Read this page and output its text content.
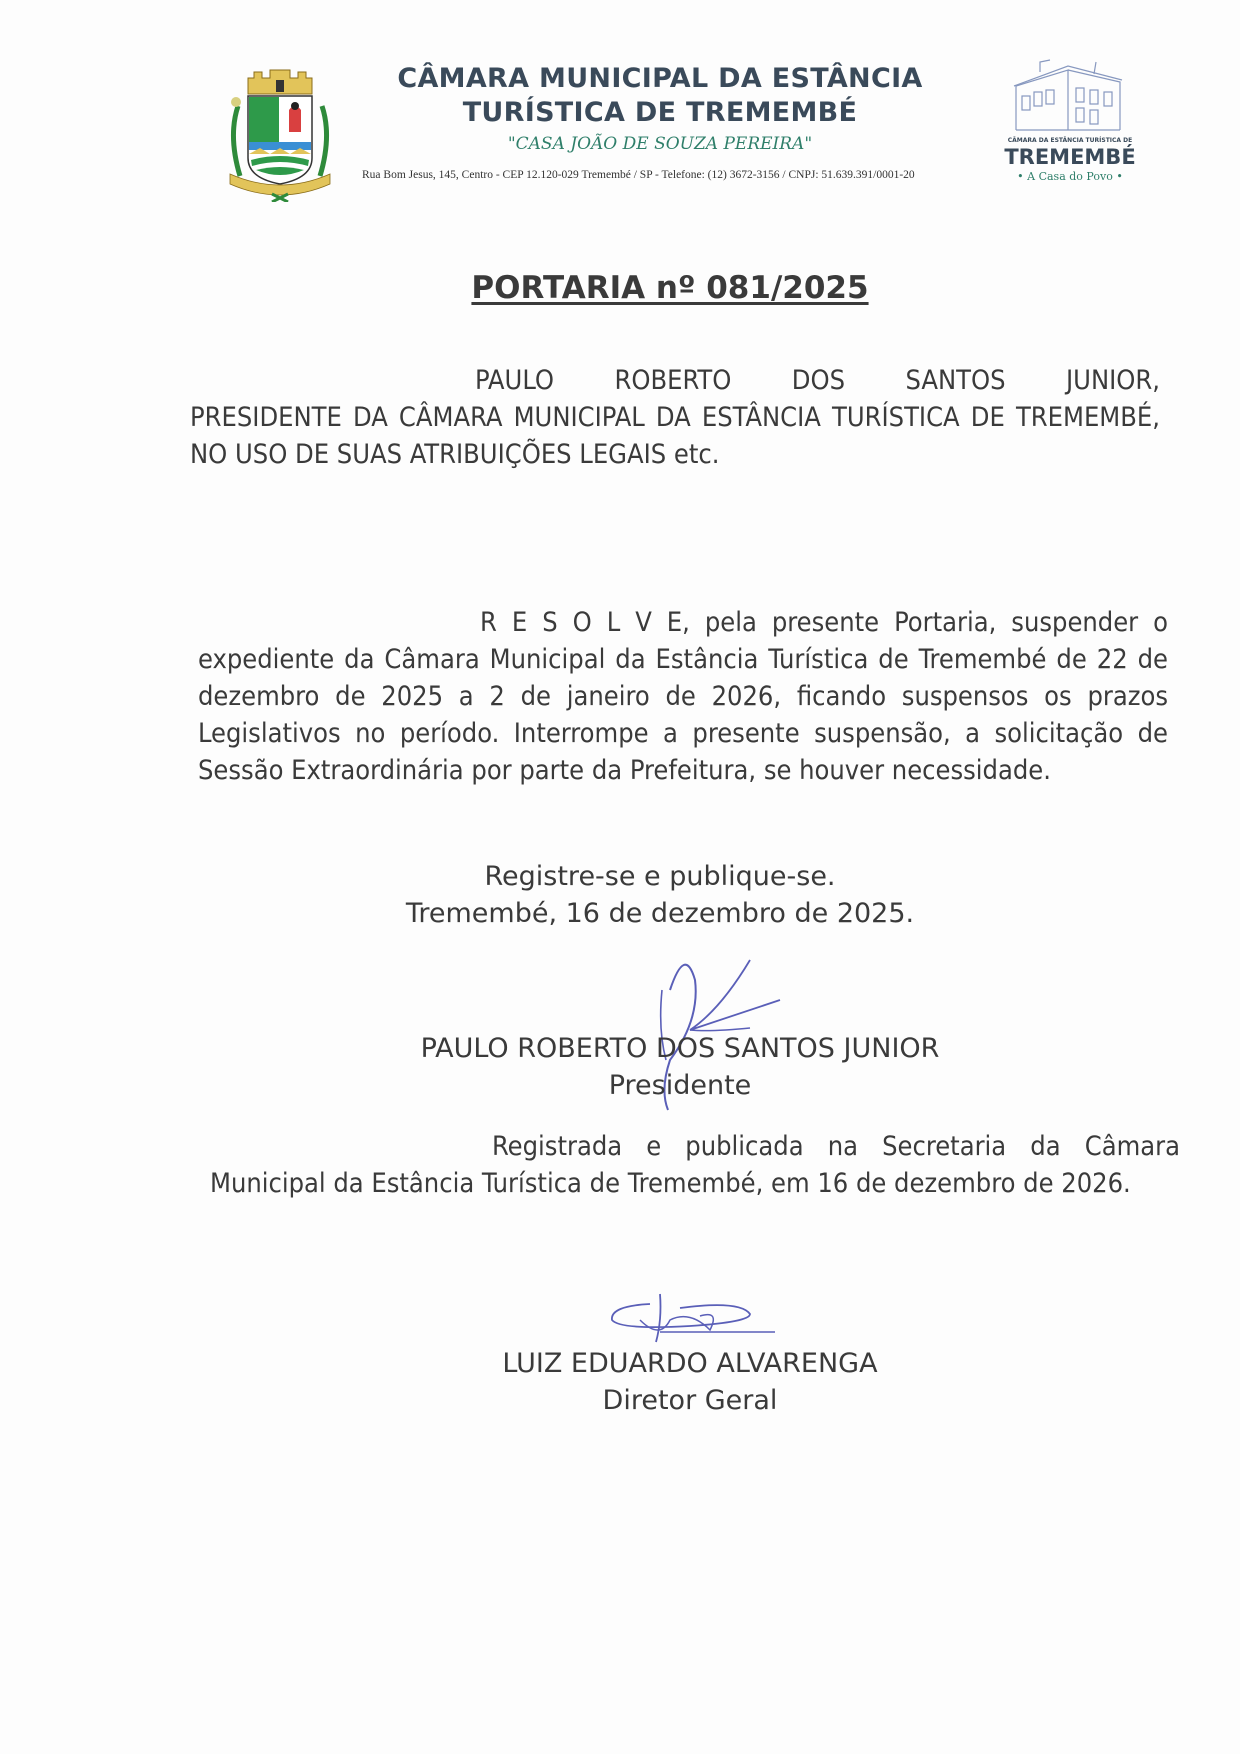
CÂMARA MUNICIPAL DA ESTÂNCIA
TURÍSTICA DE TREMEMBÉ
"CASA JOÃO DE SOUZA PEREIRA"
Rua Bom Jesus, 145, Centro - CEP 12.120-029 Tremembé / SP - Telefone: (12) 3672-3156 / CNPJ: 51.639.391/0001-20
CÂMARA DA ESTÂNCIA TURÍSTICA DE
TREMEMBÉ
• A Casa do Povo •
PORTARIA nº 081/2025
PAULO ROBERTO DOS SANTOS JUNIOR,
PRESIDENTE DA CÂMARA MUNICIPAL DA ESTÂNCIA TURÍSTICA DE TREMEMBÉ, NO USO DE SUAS ATRIBUIÇÕES LEGAIS etc.
R E S O L V E, pela presente Portaria, suspender o expediente da Câmara Municipal da Estância Turística de Tremembé de 22 de dezembro de 2025 a 2 de janeiro de 2026, ficando suspensos os prazos Legislativos no período. Interrompe a presente suspensão, a solicitação de Sessão Extraordinária por parte da Prefeitura, se houver necessidade.
Registre-se e publique-se.
Tremembé, 16 de dezembro de 2025.
PAULO ROBERTO DOS SANTOS JUNIOR
Presidente
Registrada e publicada na Secretaria da Câmara Municipal da Estância Turística de Tremembé, em 16 de dezembro de 2026.
LUIZ EDUARDO ALVARENGA
Diretor Geral
